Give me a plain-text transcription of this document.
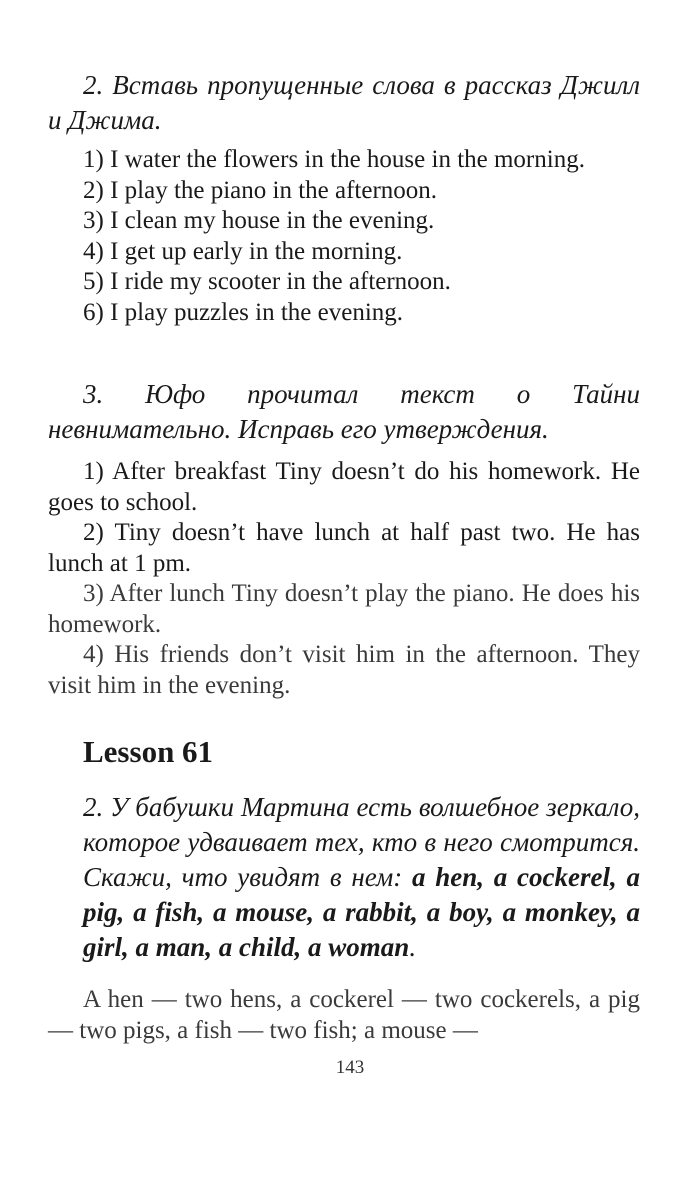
2. Вставь пропущенные слова в рассказ Джилл и Джима.

1) I water the flowers in the house in the morning.

2) I play the piano in the afternoon.

3) I clean my house in the evening.

4) I get up early in the morning.

5) I ride my scooter in the afternoon.

6) I play puzzles in the evening.

3. Юфо прочитал текст о Тайни невнимательно. Исправь его утверждения.

1) After breakfast Tiny doesn’t do his homework. He goes to school.

2) Tiny doesn’t have lunch at half past two. He has lunch at 1 pm.

3) After lunch Tiny doesn’t play the piano. He does his homework.

4) His friends don’t visit him in the afternoon. They visit him in the evening.

Lesson 61

2. У бабушки Мартина есть волшебное зеркало, которое удваивает тех, кто в него смотрится. Скажи, что увидят в нем: a hen, a cockerel, a pig, a fish, a mouse, a rabbit, a boy, a monkey, a girl, a man, a child, a woman.

A hen — two hens, a cockerel — two cockerels, a pig — two pigs, a fish — two fish; a mouse —

143
